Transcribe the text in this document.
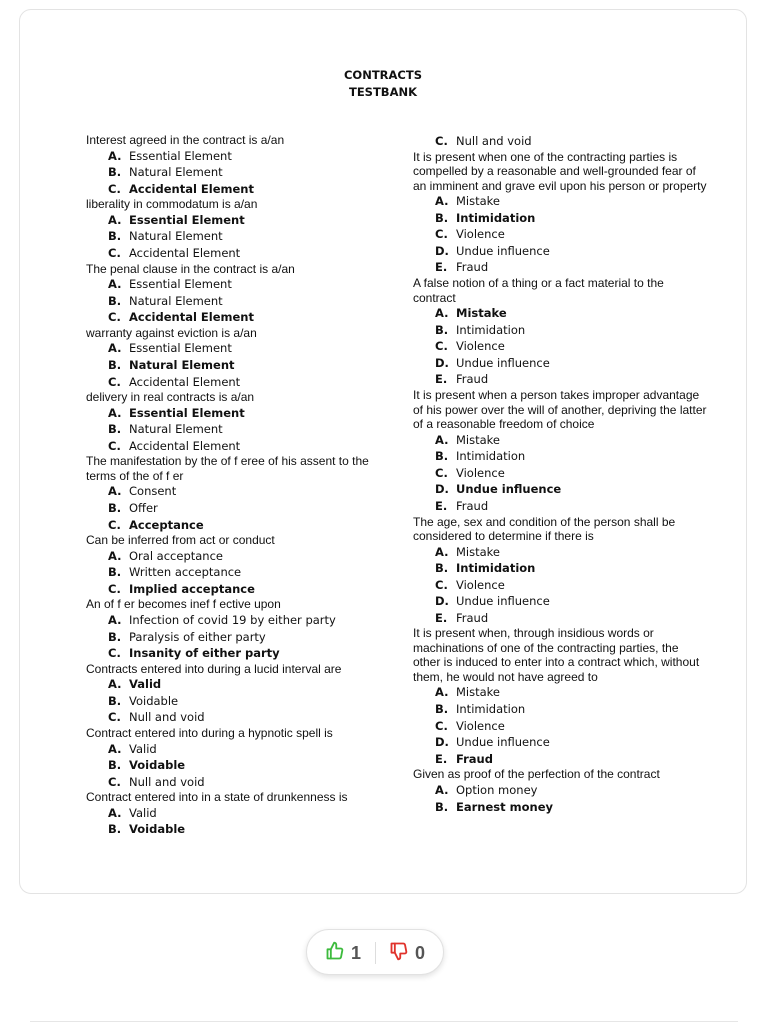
CONTRACTS
TESTBANK
Interest agreed in the contract is a/an
A. Essential Element
B. Natural Element
C. Accidental Element
liberality in commodatum is a/an
A. Essential Element
B. Natural Element
C. Accidental Element
The penal clause in the contract is a/an
A. Essential Element
B. Natural Element
C. Accidental Element
warranty against eviction is a/an
A. Essential Element
B. Natural Element
C. Accidental Element
delivery in real contracts is a/an
A. Essential Element
B. Natural Element
C. Accidental Element
The manifestation by the of f eree of his assent to the terms of the of f er
A. Consent
B. Offer
C. Acceptance
Can be inferred from act or conduct
A. Oral acceptance
B. Written acceptance
C. Implied acceptance
An of f er becomes inef f ective upon
A. Infection of covid 19 by either party
B. Paralysis of either party
C. Insanity of either party
Contracts entered into during a lucid interval are
A. Valid
B. Voidable
C. Null and void
Contract entered into during a hypnotic spell is
A. Valid
B. Voidable
C. Null and void
Contract entered into in a state of drunkenness is
A. Valid
B. Voidable
C. Null and void
It is present when one of the contracting parties is compelled by a reasonable and well-grounded fear of an imminent and grave evil upon his person or property
A. Mistake
B. Intimidation
C. Violence
D. Undue influence
E. Fraud
A false notion of a thing or a fact material to the contract
A. Mistake
B. Intimidation
C. Violence
D. Undue influence
E. Fraud
It is present when a person takes improper advantage of his power over the will of another, depriving the latter of a reasonable freedom of choice
A. Mistake
B. Intimidation
C. Violence
D. Undue influence
E. Fraud
The age, sex and condition of the person shall be considered to determine if there is
A. Mistake
B. Intimidation
C. Violence
D. Undue influence
E. Fraud
It is present when, through insidious words or machinations of one of the contracting parties, the other is induced to enter into a contract which, without them, he would not have agreed to
A. Mistake
B. Intimidation
C. Violence
D. Undue influence
E. Fraud
Given as proof of the perfection of the contract
A. Option money
B. Earnest money
1	0
